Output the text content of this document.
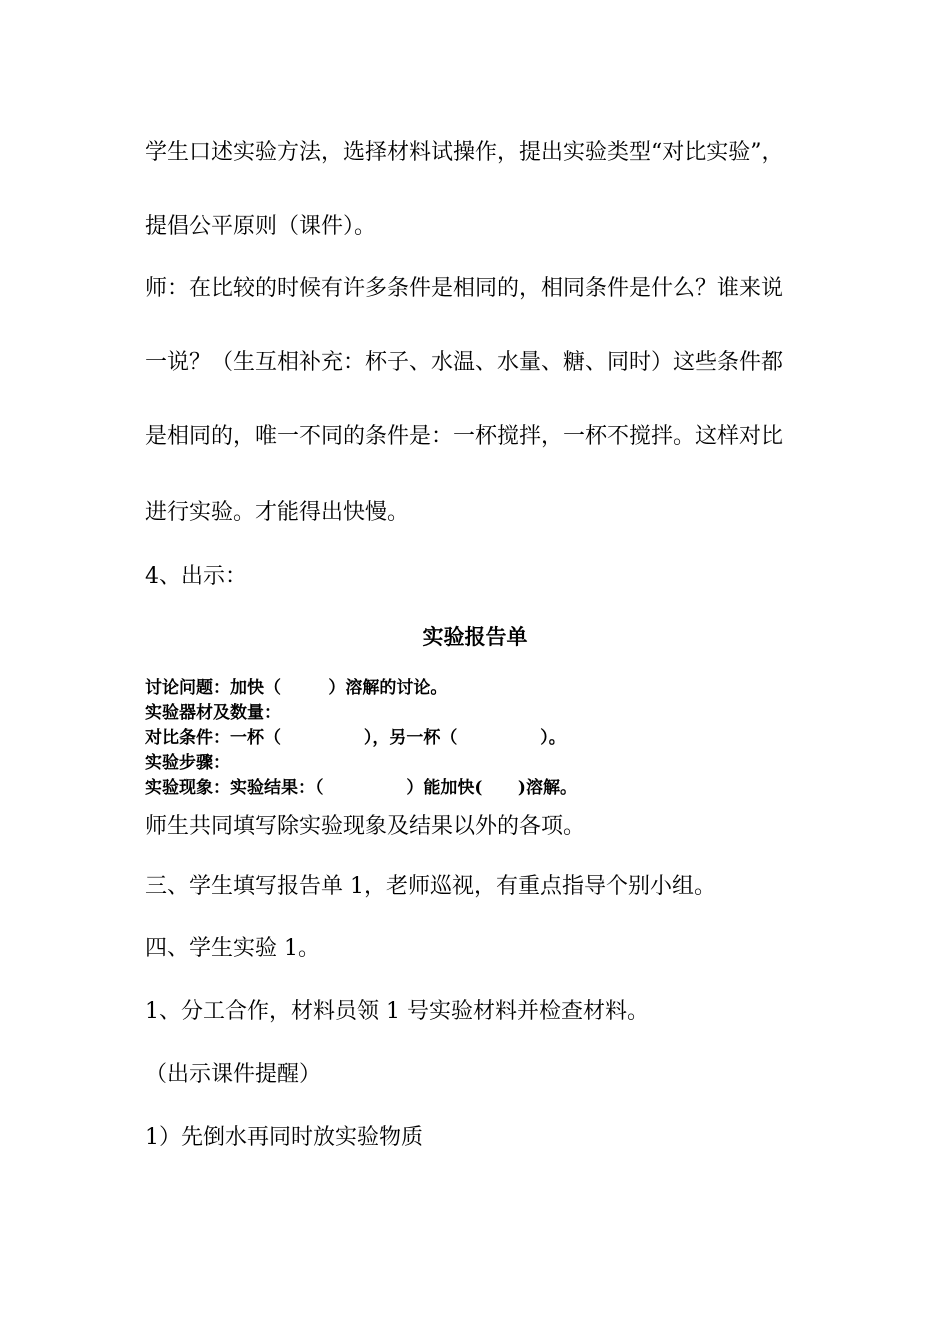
学生口述实验方法，选择材料试操作，提出实验类型“对比实验”，

提倡公平原则（课件）。

师：在比较的时候有许多条件是相同的，相同条件是什么？谁来说

一说？（生互相补充：杯子、水温、水量、糖、同时）这些条件都

是相同的，唯一不同的条件是：一杯搅拌，一杯不搅拌。这样对比

进行实验。才能得出快慢。

4、出示：

实验报告单

讨论问题：加快（        ）溶解的讨论。

实验器材及数量：

对比条件：一杯（              ），另一杯（              ）。

实验步骤：

实验现象：实验结果：（              ）能加快(      )溶解。

师生共同填写除实验现象及结果以外的各项。

三、学生填写报告单 1，老师巡视，有重点指导个别小组。

四、学生实验 1。

1、分工合作，材料员领 1 号实验材料并检查材料。

（出示课件提醒）

1）先倒水再同时放实验物质
